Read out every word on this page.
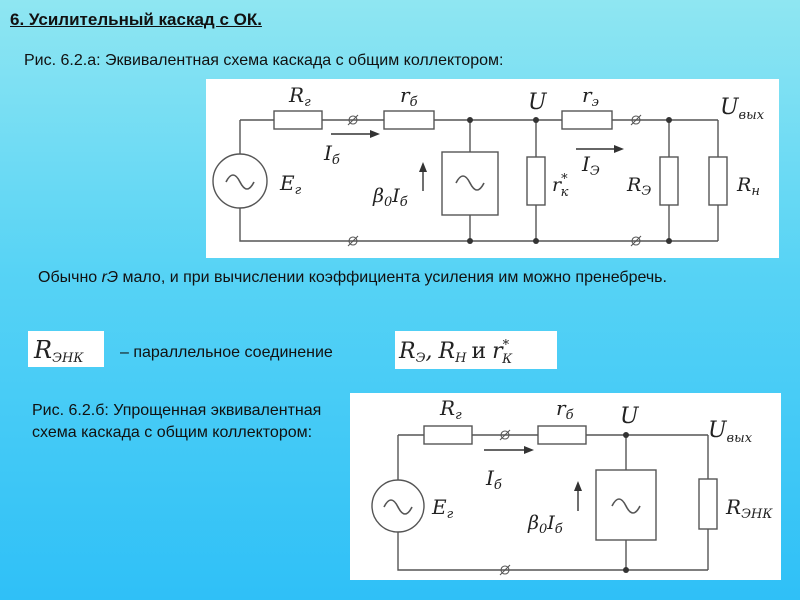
6. Усилительный каскад с ОК.
Рис. 6.2.а: Эквивалентная схема каскада с общим коллектором:
$R_г$	$r_б$	U $r_э$	$U_{вых}$
$I_б$
$E_г$	$\beta_0I_б$
r* к
$I_Э$
$R_Э$	$R_н$
Обычно rЭ мало, и при вычислении коэффициента усиления им можно пренебречь.
RЭНК – параллельное соединение	RЭ, RН и r* К
Рис. 6.2.б: Упрощенная эквивалентная схема каскада с общим коллектором:
$R_г$	$r_б$ U
$U_{вых}$
$I_б$
$E_г$	$\beta_0I_б$
$R_{ЭНК}$
